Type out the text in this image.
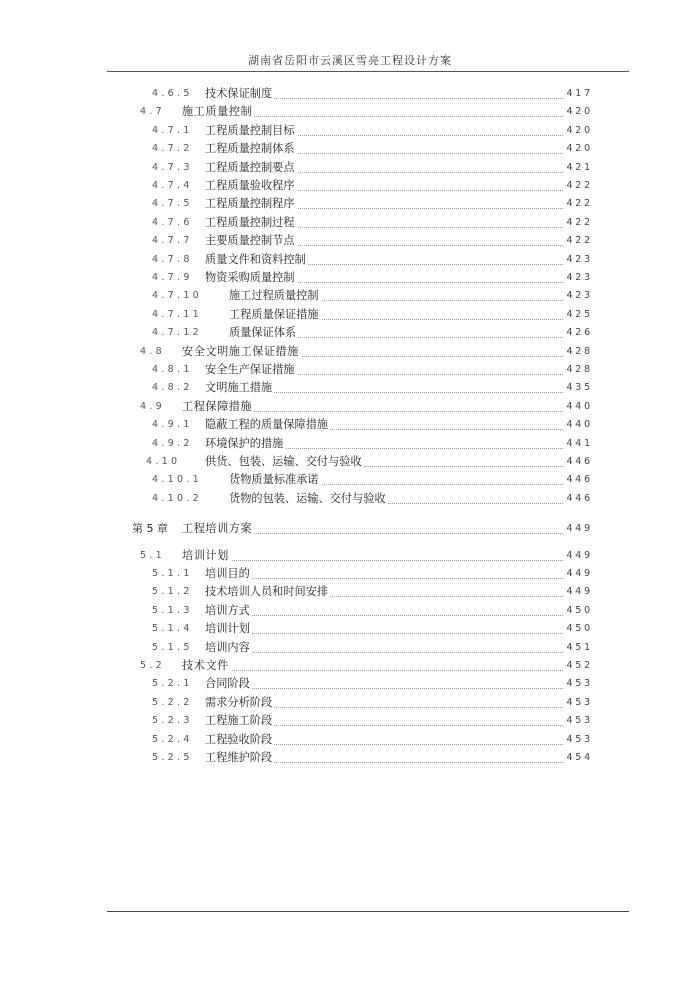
湖南省岳阳市云溪区雪亮工程设计方案
4.6.5 技术保证制度	417
4.7 施工质量控制	420
4.7.1 工程质量控制目标	420
4.7.2 工程质量控制体系	420
4.7.3 工程质量控制要点	421
4.7.4 工程质量验收程序	422
4.7.5 工程质量控制程序	422
4.7.6 工程质量控制过程	422
4.7.7 主要质量控制节点	422
4.7.8 质量文件和资料控制	423
4.7.9 物资采购质量控制	423
4.7.10 施工过程质量控制	423
4.7.11 工程质量保证措施	425
4.7.12 质量保证体系	426
4.8 安全文明施工保证措施	428
4.8.1 安全生产保证措施	428
4.8.2 文明施工措施	435
4.9 工程保障措施	440
4.9.1 隐蔽工程的质量保障措施	440
4.9.2 环境保护的措施	441
4.10 供货、包装、运输、交付与验收	446
4.10.1 货物质量标准承诺	446
4.10.2 货物的包装、运输、交付与验收	446
第 5 章 工程培训方案	449
5.1 培训计划	449
5.1.1 培训目的	449
5.1.2 技术培训人员和时间安排	449
5.1.3 培训方式	450
5.1.4 培训计划	450
5.1.5 培训内容	451
5.2 技术文件	452
5.2.1 合同阶段	453
5.2.2 需求分析阶段	453
5.2.3 工程施工阶段	453
5.2.4 工程验收阶段	453
5.2.5 工程维护阶段	454
